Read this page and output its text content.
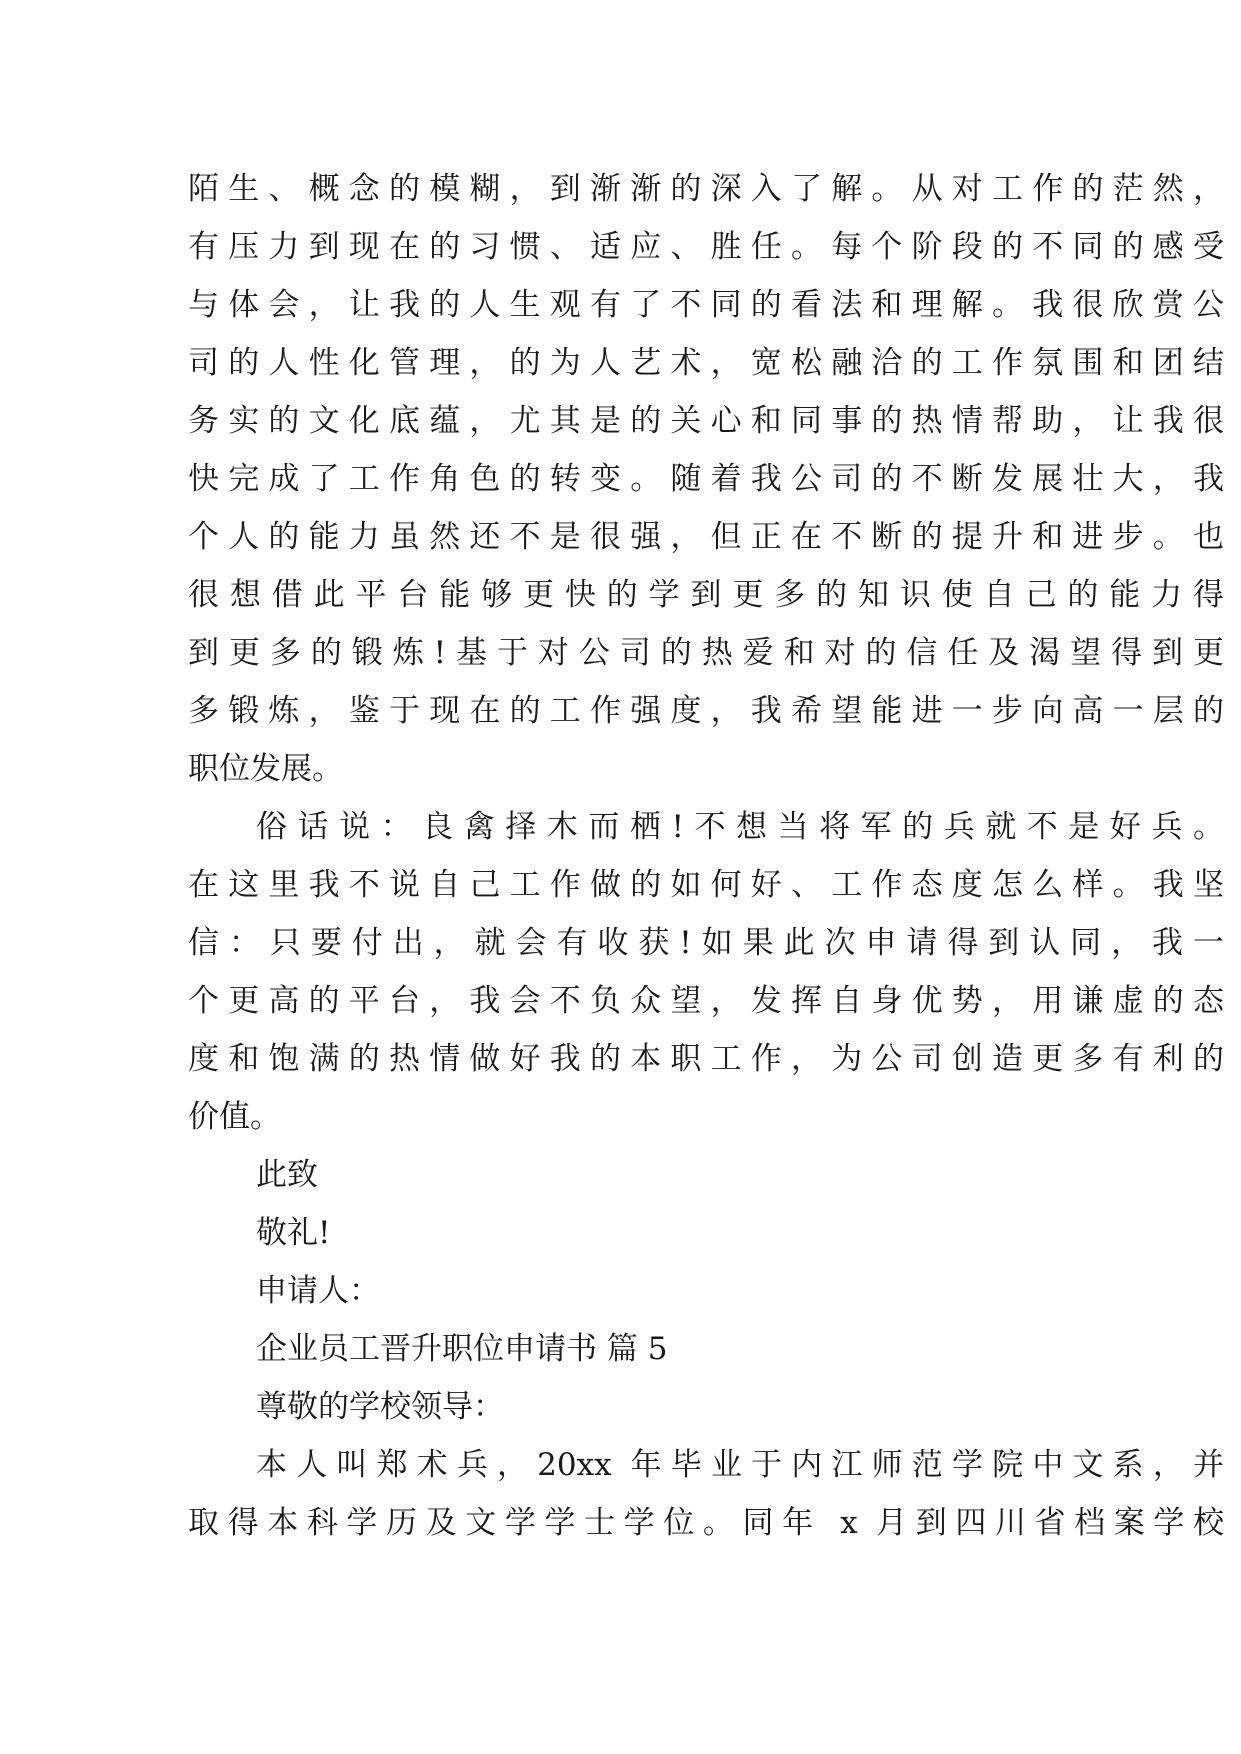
陌生、概念的模糊，到渐渐的深入了解。从对工作的茫然，
有压力到现在的习惯、适应、胜任。每个阶段的不同的感受
与体会，让我的人生观有了不同的看法和理解。我很欣赏公
司的人性化管理，的为人艺术，宽松融洽的工作氛围和团结
务实的文化底蕴，尤其是的关心和同事的热情帮助，让我很
快完成了工作角色的转变。随着我公司的不断发展壮大，我
个人的能力虽然还不是很强，但正在不断的提升和进步。也
很想借此平台能够更快的学到更多的知识使自己的能力得
到更多的锻炼!基于对公司的热爱和对的信任及渴望得到更
多锻炼，鉴于现在的工作强度，我希望能进一步向高一层的
职位发展。
俗话说：良禽择木而栖!不想当将军的兵就不是好兵。
在这里我不说自己工作做的如何好、工作态度怎么样。我坚
信：只要付出，就会有收获!如果此次申请得到认同，我一
个更高的平台，我会不负众望，发挥自身优势，用谦虚的态
度和饱满的热情做好我的本职工作，为公司创造更多有利的
价值。
此致
敬礼!
申请人：
企业员工晋升职位申请书 篇 5
尊敬的学校领导：
本人叫郑术兵，20xx 年毕业于内江师范学院中文系，并
取得本科学历及文学学士学位。同年 x 月到四川省档案学校
